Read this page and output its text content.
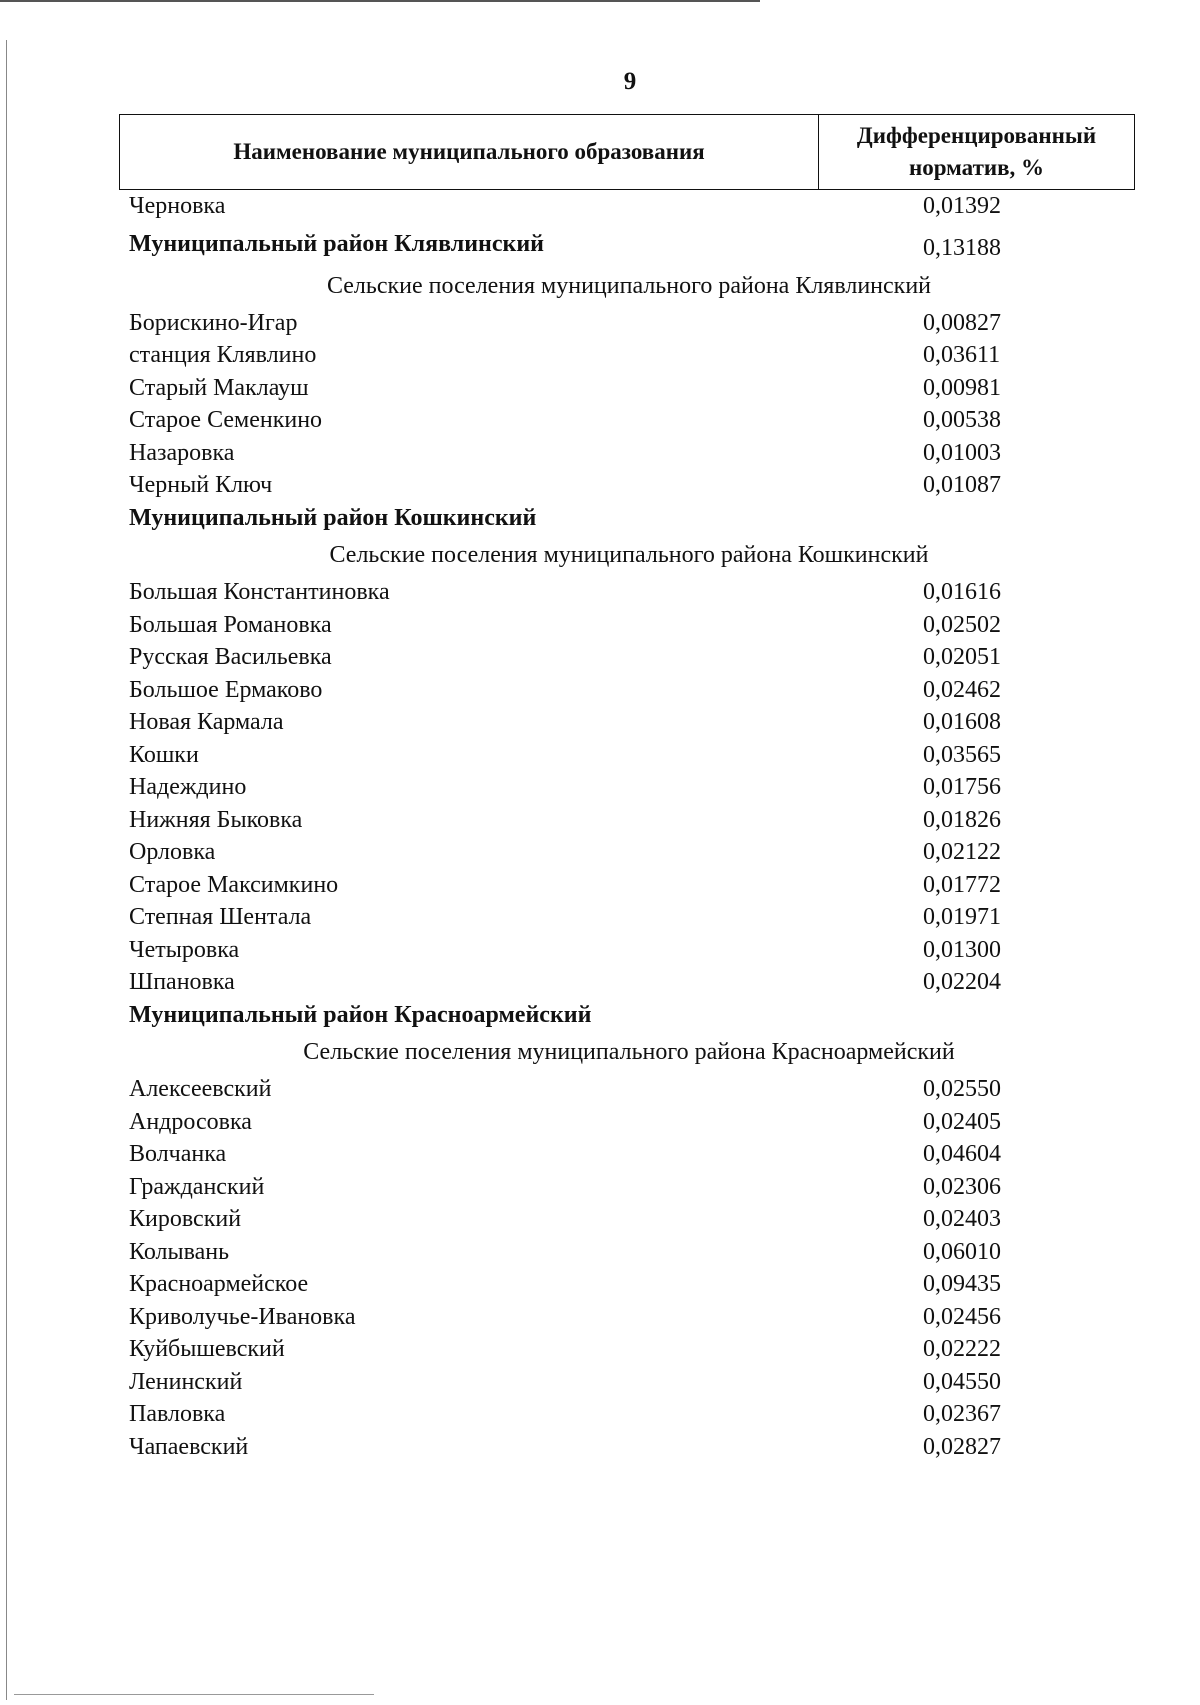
9
Наименование муниципального образования	Дифференцированный
норматив, %
Черновка	0,01392
Муниципальный район Клявлинский	0,13188
Сельские поселения муниципального района Клявлинский
Борискино-Игар	0,00827
станция Клявлино	0,03611
Старый Маклауш	0,00981
Старое Семенкино	0,00538
Назаровка	0,01003
Черный Ключ	0,01087
Муниципальный район Кошкинский
Сельские поселения муниципального района Кошкинский
Большая Константиновка	0,01616
Большая Романовка	0,02502
Русская Васильевка	0,02051
Большое Ермаково	0,02462
Новая Кармала	0,01608
Кошки	0,03565
Надеждино	0,01756
Нижняя Быковка	0,01826
Орловка	0,02122
Старое Максимкино	0,01772
Степная Шентала	0,01971
Четыровка	0,01300
Шпановка	0,02204
Муниципальный район Красноармейский
Сельские поселения муниципального района Красноармейский
Алексеевский	0,02550
Андросовка	0,02405
Волчанка	0,04604
Гражданский	0,02306
Кировский	0,02403
Колывань	0,06010
Красноармейское	0,09435
Криволучье-Ивановка	0,02456
Куйбышевский	0,02222
Ленинский	0,04550
Павловка	0,02367
Чапаевский	0,02827
